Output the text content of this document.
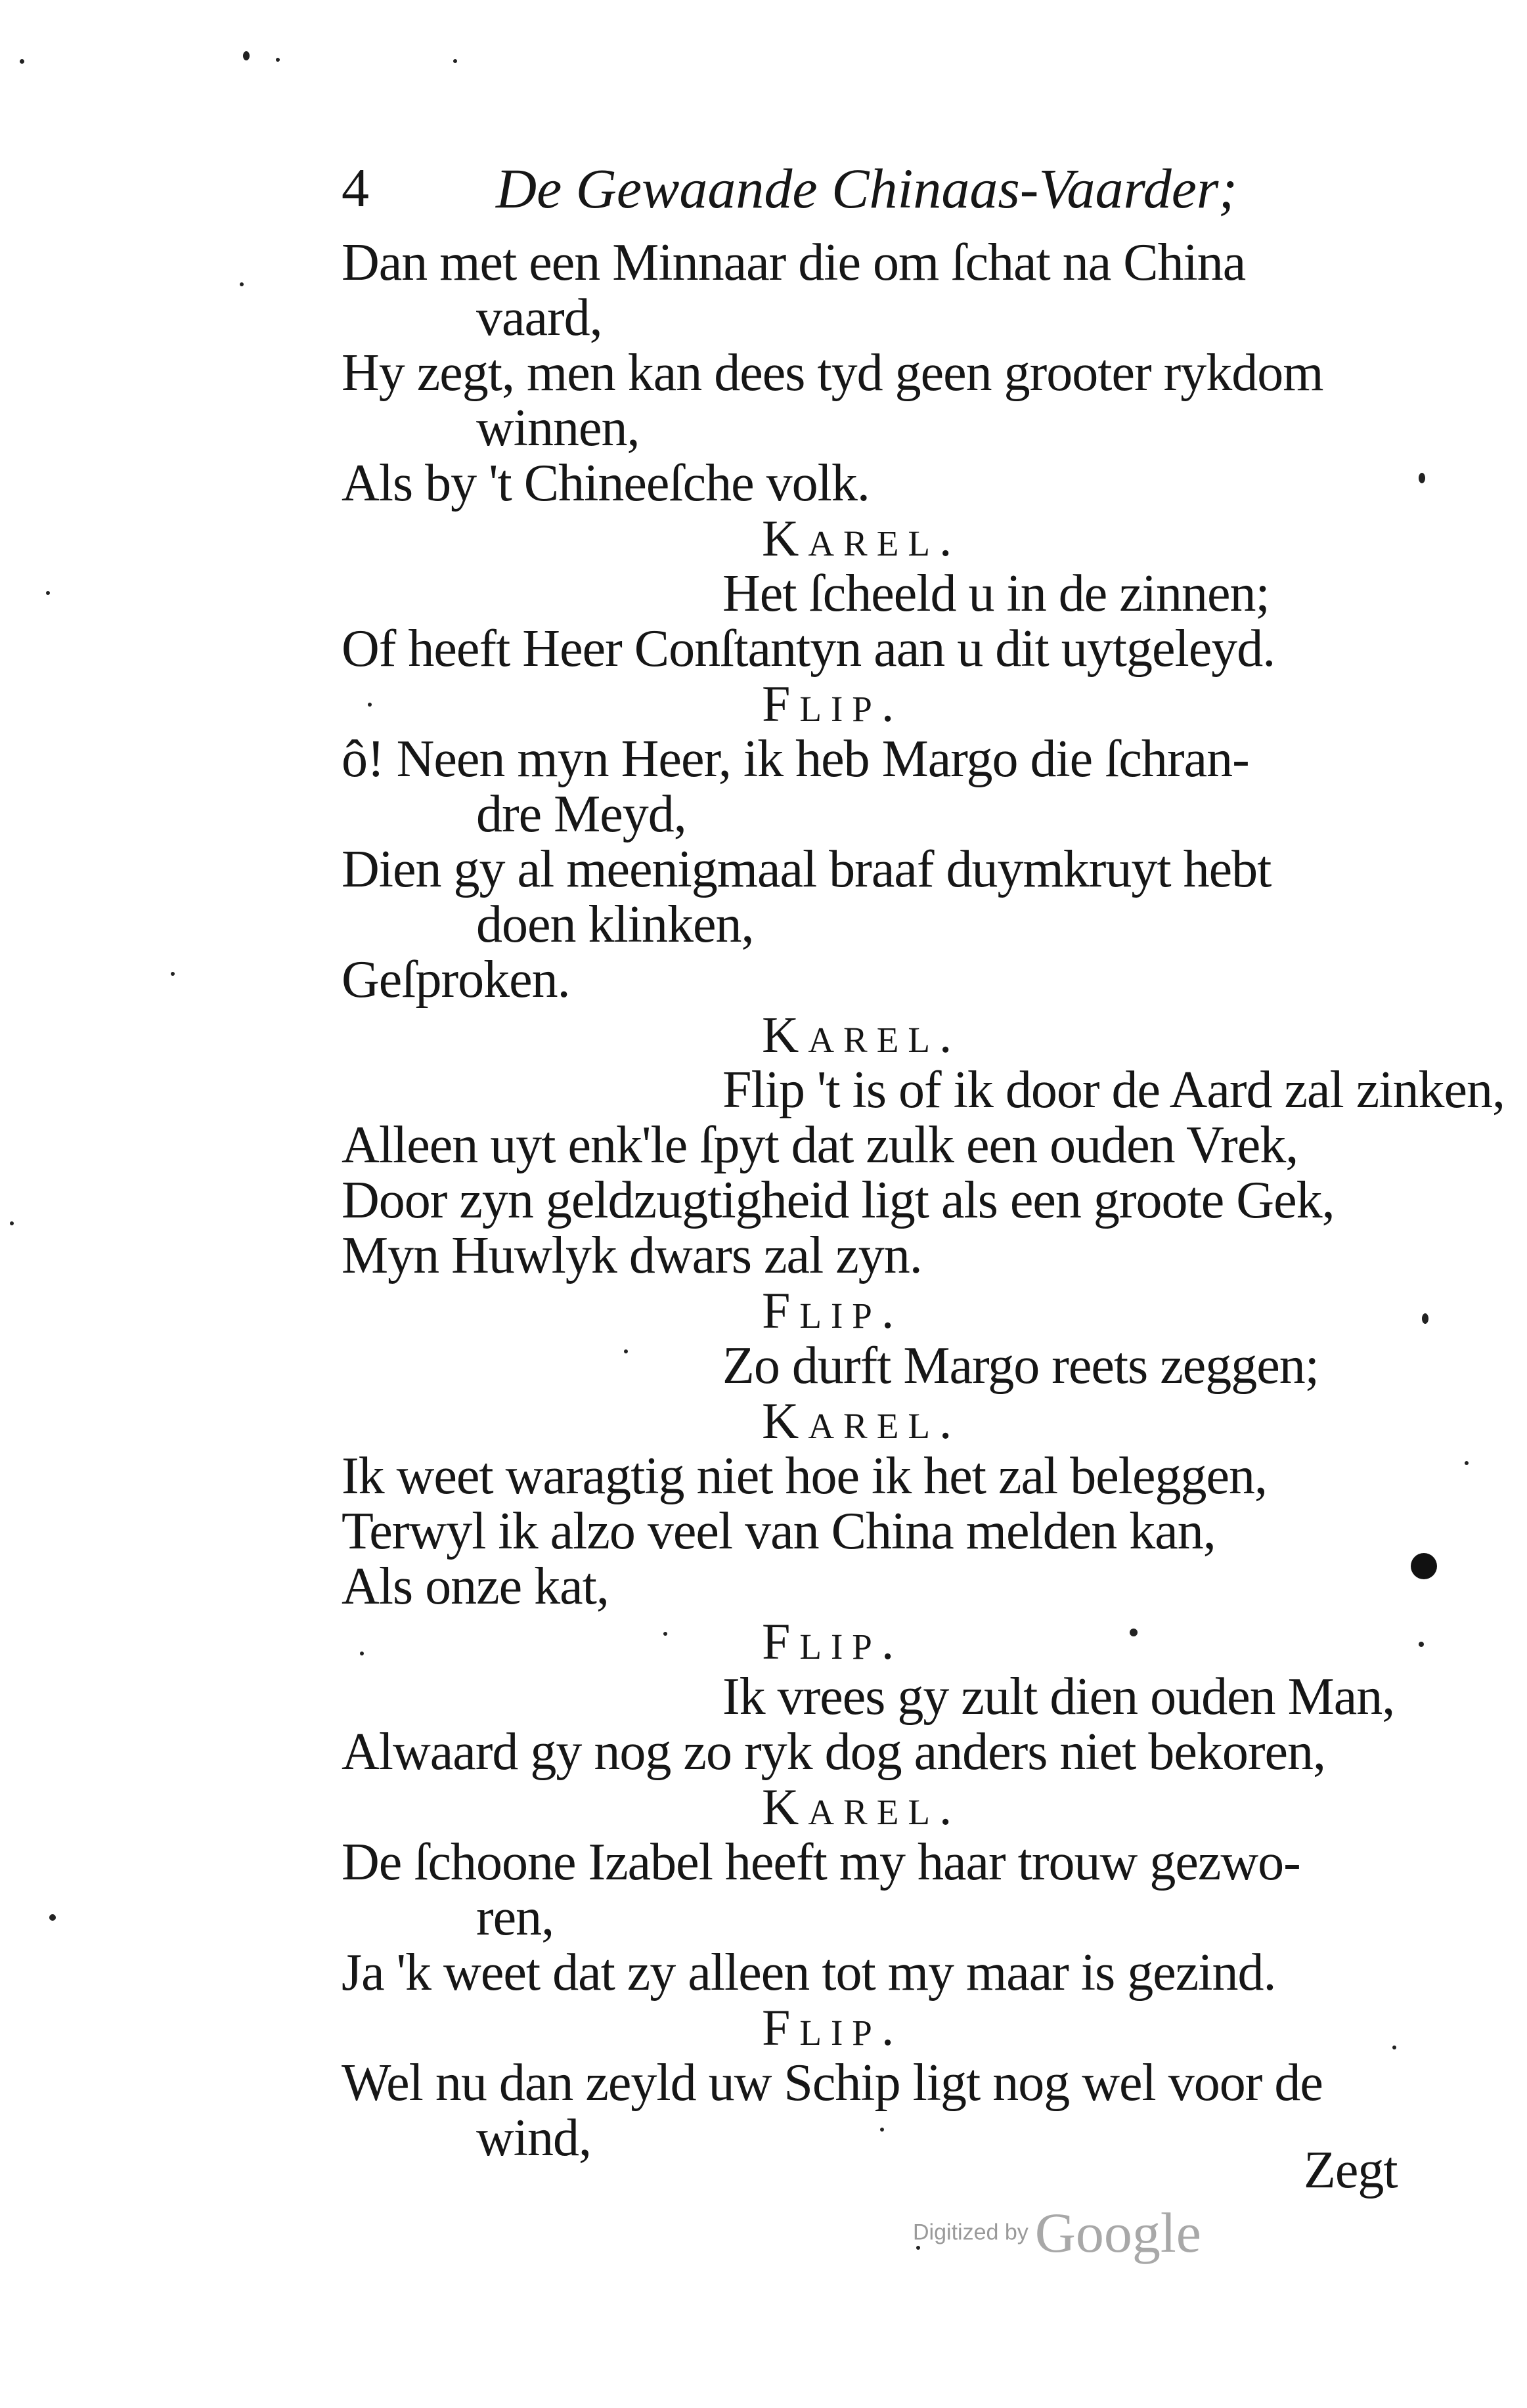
4 De Gewaande Chinaas-Vaarder;
Dan met een Minnaar die om ſchat na China
vaard,
Hy zegt, men kan dees tyd geen grooter rykdom
winnen,
Als by 't Chineeſche volk.
Karel.
Het ſcheeld u in de zinnen;
Of heeft Heer Conſtantyn aan u dit uytgeleyd.
Flip.
ô! Neen myn Heer, ik heb Margo die ſchran-
dre Meyd,
Dien gy al meenigmaal braaf duymkruyt hebt
doen klinken,
Geſproken.
Karel.
Flip 't is of ik door de Aard zal zinken,
Alleen uyt enk'le ſpyt dat zulk een ouden Vrek,
Door zyn geldzugtigheid ligt als een groote Gek,
Myn Huwlyk dwars zal zyn.
Flip.
Zo durft Margo reets zeggen;
Karel.
Ik weet waragtig niet hoe ik het zal beleggen,
Terwyl ik alzo veel van China melden kan,
Als onze kat,
Flip.
Ik vrees gy zult dien ouden Man,
Alwaard gy nog zo ryk dog anders niet bekoren,
Karel.
De ſchoone Izabel heeft my haar trouw gezwo-
ren,
Ja 'k weet dat zy alleen tot my maar is gezind.
Flip.
Wel nu dan zeyld uw Schip ligt nog wel voor de
wind,
Zegt
Digitized by Google
